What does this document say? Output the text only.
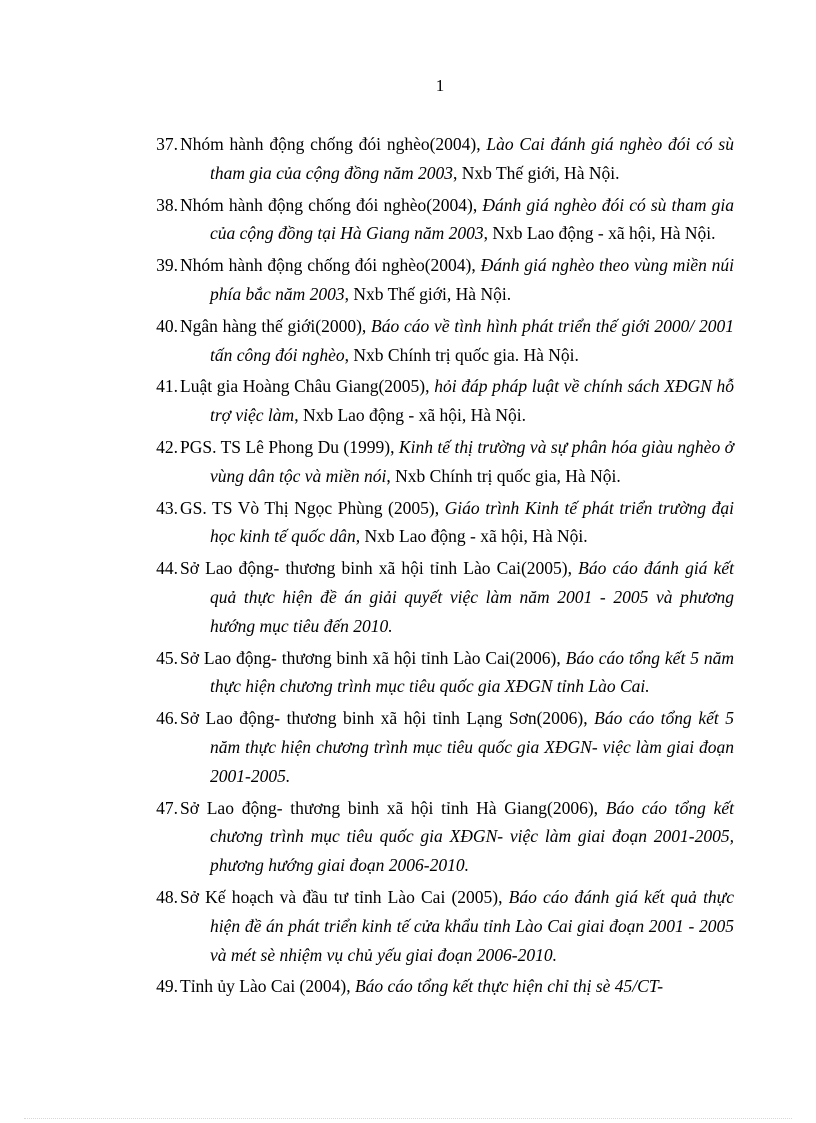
1
37. Nhóm hành động chống đói nghèo(2004), Lào Cai đánh giá nghèo đói có sù tham gia của cộng đồng năm 2003, Nxb Thế giới, Hà Nội.
38. Nhóm hành động chống đói nghèo(2004), Đánh giá nghèo đói có sù tham gia của cộng đồng tại Hà Giang năm 2003, Nxb Lao động - xã hội, Hà Nội.
39. Nhóm hành động chống đói nghèo(2004), Đánh giá nghèo theo vùng miền núi phía bắc năm 2003, Nxb Thế giới, Hà Nội.
40. Ngân hàng thế giới(2000), Báo cáo về tình hình phát triển thế giới 2000/ 2001 tấn công đói nghèo, Nxb Chính trị quốc gia. Hà Nội.
41. Luật gia Hoàng Châu Giang(2005), hỏi đáp pháp luật về chính sách XĐGN hỗ trợ việc làm, Nxb Lao động - xã hội, Hà Nội.
42. PGS. TS Lê Phong Du (1999), Kinh tế thị trường và sự phân hóa giàu nghèo ở vùng dân tộc và miền nói, Nxb Chính trị quốc gia, Hà Nội.
43. GS. TS Vò Thị Ngọc Phùng (2005), Giáo trình Kinh tế phát triển trường đại học kinh tế quốc dân, Nxb Lao động - xã hội, Hà Nội.
44. Sở Lao động- thương binh xã hội tỉnh Lào Cai(2005), Báo cáo đánh giá kết quả thực hiện đề án giải quyết việc làm năm 2001 - 2005 và phương hướng mục tiêu đến 2010.
45. Sở Lao động- thương binh xã hội tỉnh Lào Cai(2006), Báo cáo tổng kết 5 năm thực hiện chương trình mục tiêu quốc gia XĐGN tỉnh Lào Cai.
46. Sở Lao động- thương binh xã hội tỉnh Lạng Sơn(2006), Báo cáo tổng kết 5 năm thực hiện chương trình mục tiêu quốc gia XĐGN- việc làm giai đoạn 2001-2005.
47. Sở Lao động- thương binh xã hội tỉnh Hà Giang(2006), Báo cáo tổng kết chương trình mục tiêu quốc gia XĐGN- việc làm giai đoạn 2001-2005, phương hướng giai đoạn 2006-2010.
48. Sở Kế hoạch và đầu tư tỉnh Lào Cai (2005), Báo cáo đánh giá kết quả thực hiện đề án phát triển kinh tế cửa khẩu tỉnh Lào Cai giai đoạn 2001 - 2005 và mét sè nhiệm vụ chủ yếu giai đoạn 2006-2010.
49. Tỉnh ủy Lào Cai (2004), Báo cáo tổng kết thực hiện chỉ thị sè 45/CT-
